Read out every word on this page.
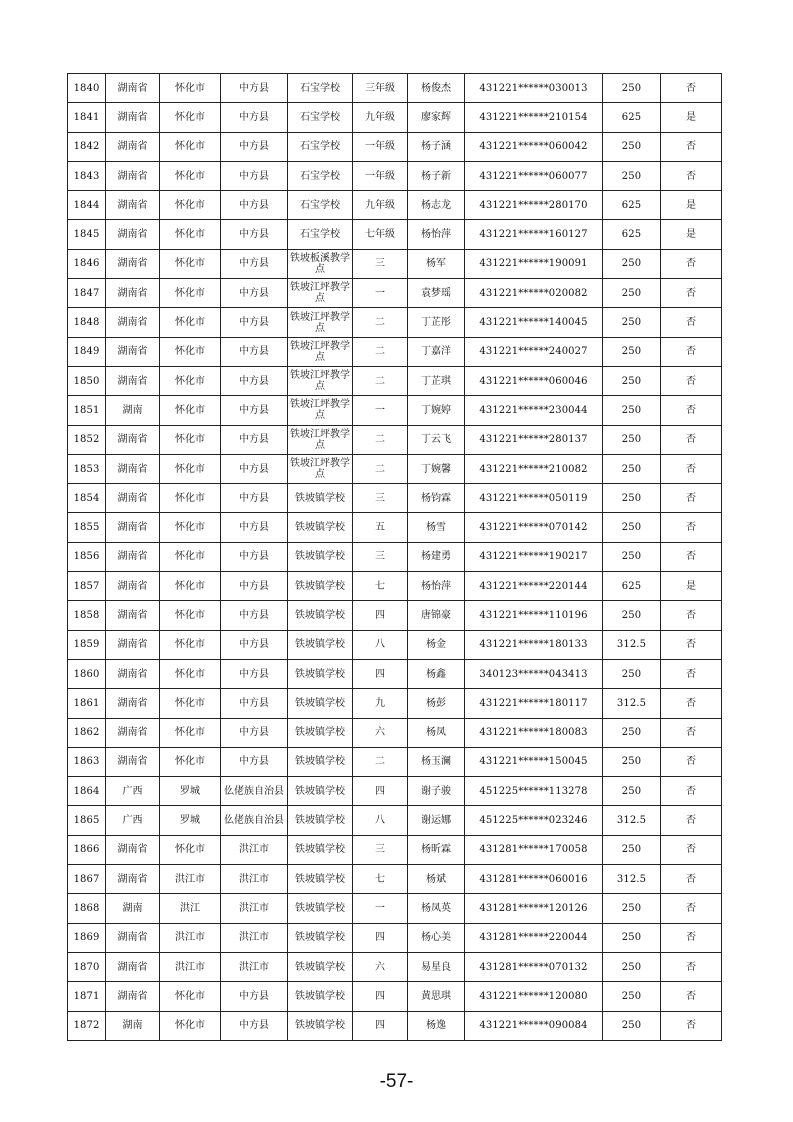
1840	湖南省	怀化市	中方县	石宝学校	三年级	杨俊杰	431221******030013	250	否
1841	湖南省	怀化市	中方县	石宝学校	九年级	廖家辉	431221******210154	625	是
1842	湖南省	怀化市	中方县	石宝学校	一年级	杨子涵	431221******060042	250	否
1843	湖南省	怀化市	中方县	石宝学校	一年级	杨子新	431221******060077	250	否
1844	湖南省	怀化市	中方县	石宝学校	九年级	杨志龙	431221******280170	625	是
1845	湖南省	怀化市	中方县	石宝学校	七年级	杨怡萍	431221******160127	625	是
1846	湖南省	怀化市	中方县	铁坡板溪教学点	三	杨军	431221******190091	250	否
1847	湖南省	怀化市	中方县	铁坡江坪教学点	一	袁梦瑶	431221******020082	250	否
1848	湖南省	怀化市	中方县	铁坡江坪教学点	二	丁芷彤	431221******140045	250	否
1849	湖南省	怀化市	中方县	铁坡江坪教学点	二	丁嘉洋	431221******240027	250	否
1850	湖南省	怀化市	中方县	铁坡江坪教学点	二	丁芷琪	431221******060046	250	否
1851	湖南	怀化市	中方县	铁坡江坪教学点	一	丁婉婷	431221******230044	250	否
1852	湖南省	怀化市	中方县	铁坡江坪教学点	二	丁云飞	431221******280137	250	否
1853	湖南省	怀化市	中方县	铁坡江坪教学点	二	丁婉馨	431221******210082	250	否
1854	湖南省	怀化市	中方县	铁坡镇学校	三	杨钧霖	431221******050119	250	否
1855	湖南省	怀化市	中方县	铁坡镇学校	五	杨雪	431221******070142	250	否
1856	湖南省	怀化市	中方县	铁坡镇学校	三	杨建勇	431221******190217	250	否
1857	湖南省	怀化市	中方县	铁坡镇学校	七	杨怡萍	431221******220144	625	是
1858	湖南省	怀化市	中方县	铁坡镇学校	四	唐锦豪	431221******110196	250	否
1859	湖南省	怀化市	中方县	铁坡镇学校	八	杨金	431221******180133	312.5	否
1860	湖南省	怀化市	中方县	铁坡镇学校	四	杨鑫	340123******043413	250	否
1861	湖南省	怀化市	中方县	铁坡镇学校	九	杨彭	431221******180117	312.5	否
1862	湖南省	怀化市	中方县	铁坡镇学校	六	杨凤	431221******180083	250	否
1863	湖南省	怀化市	中方县	铁坡镇学校	二	杨玉澜	431221******150045	250	否
1864	广西	罗城	仫佬族自治县	铁坡镇学校	四	谢子骏	451225******113278	250	否
1865	广西	罗城	仫佬族自治县	铁坡镇学校	八	谢运娜	451225******023246	312.5	否
1866	湖南省	怀化市	洪江市	铁坡镇学校	三	杨昕霖	431281******170058	250	否
1867	湖南省	洪江市	洪江市	铁坡镇学校	七	杨斌	431281******060016	312.5	否
1868	湖南	洪江	洪江市	铁坡镇学校	一	杨凤英	431281******120126	250	否
1869	湖南省	洪江市	洪江市	铁坡镇学校	四	杨心美	431281******220044	250	否
1870	湖南省	洪江市	洪江市	铁坡镇学校	六	易星良	431281******070132	250	否
1871	湖南省	怀化市	中方县	铁坡镇学校	四	黄思琪	431221******120080	250	否
1872	湖南	怀化市	中方县	铁坡镇学校	四	杨逸	431221******090084	250	否
-57-
